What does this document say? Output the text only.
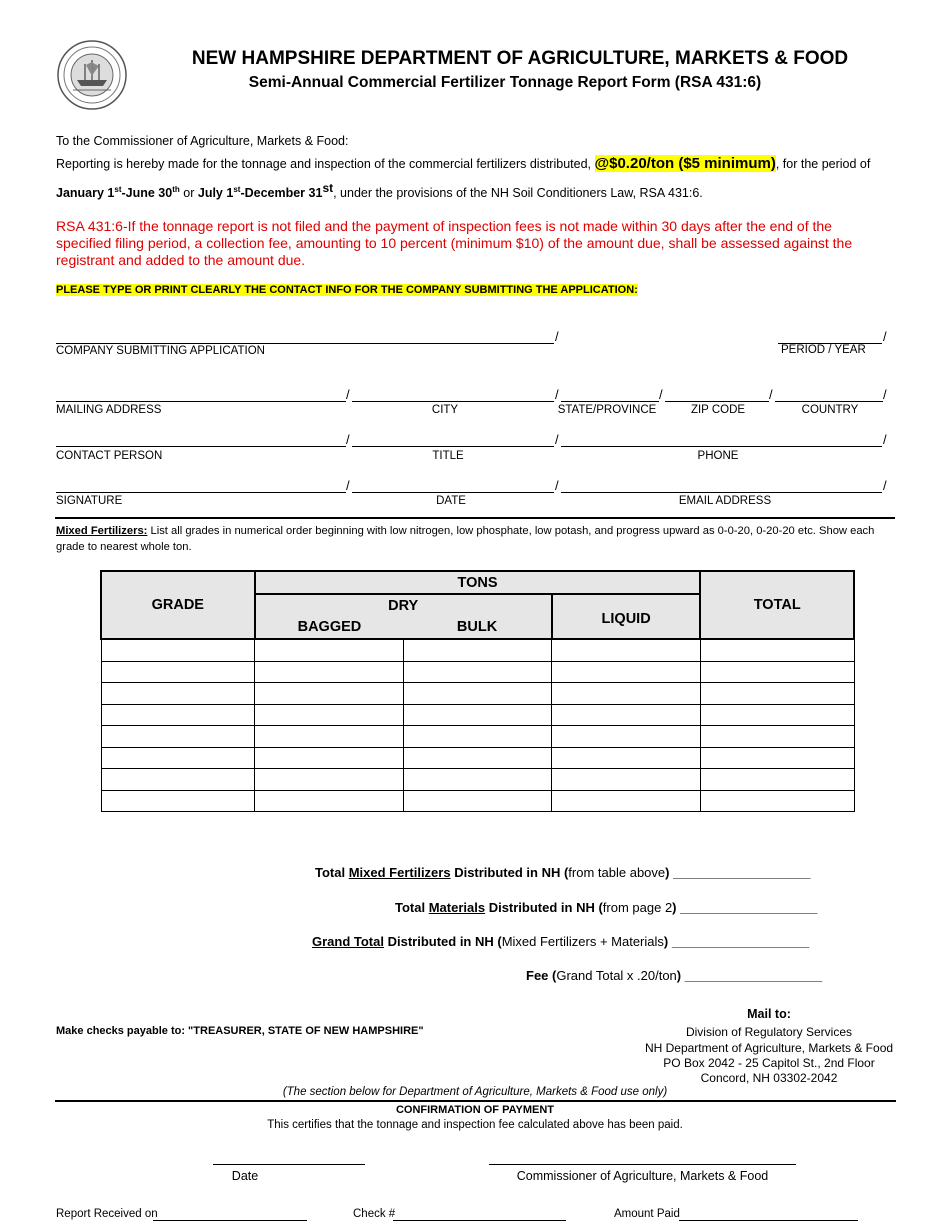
NEW HAMPSHIRE DEPARTMENT OF AGRICULTURE, MARKETS & FOOD
Semi-Annual Commercial Fertilizer Tonnage Report Form (RSA 431:6)
To the Commissioner of Agriculture, Markets & Food:
Reporting is hereby made for the tonnage and inspection of the commercial fertilizers distributed, @$0.20/ton ($5 minimum), for the period of January 1st-June 30th or July 1st-December 31st, under the provisions of the NH Soil Conditioners Law, RSA 431:6.
RSA 431:6-If the tonnage report is not filed and the payment of inspection fees is not made within 30 days after the end of the specified filing period, a collection fee, amounting to 10 percent (minimum $10) of the amount due, shall be assessed against the registrant and added to the amount due.
PLEASE TYPE OR PRINT CLEARLY THE CONTACT INFO FOR THE COMPANY SUBMITTING THE APPLICATION:
/	/
COMPANY SUBMITTING APPLICATION	PERIOD / YEAR
/	/	/	/	/
MAILING ADDRESS	CITY	STATE/PROVINCE	ZIP CODE	COUNTRY
/	/	/
CONTACT PERSON	TITLE	PHONE
/	/	/
SIGNATURE	DATE	EMAIL ADDRESS
Mixed Fertilizers: List all grades in numerical order beginning with low nitrogen, low phosphate, low potash, and progress upward as 0-0-20, 0-20-20 etc. Show each grade to nearest whole ton.
GRADE	TONS			TOTAL
	DRY		LIQUID	
	BAGGED	BULK		

Total Mixed Fertilizers Distributed in NH (from table above) ___________________
Total Materials Distributed in NH (from page 2) ___________________
Grand Total Distributed in NH (Mixed Fertilizers + Materials) ___________________
Fee (Grand Total x .20/ton) ___________________
Make checks payable to: "TREASURER, STATE OF NEW HAMPSHIRE"
Mail to:
Division of Regulatory Services
NH Department of Agriculture, Markets & Food
PO Box 2042 - 25 Capitol St., 2nd Floor
Concord, NH 03302-2042
(The section below for Department of Agriculture, Markets & Food use only)
CONFIRMATION OF PAYMENT
This certifies that the tonnage and inspection fee calculated above has been paid.
Date	Commissioner of Agriculture, Markets & Food
Report Received on	Check #	Amount Paid
